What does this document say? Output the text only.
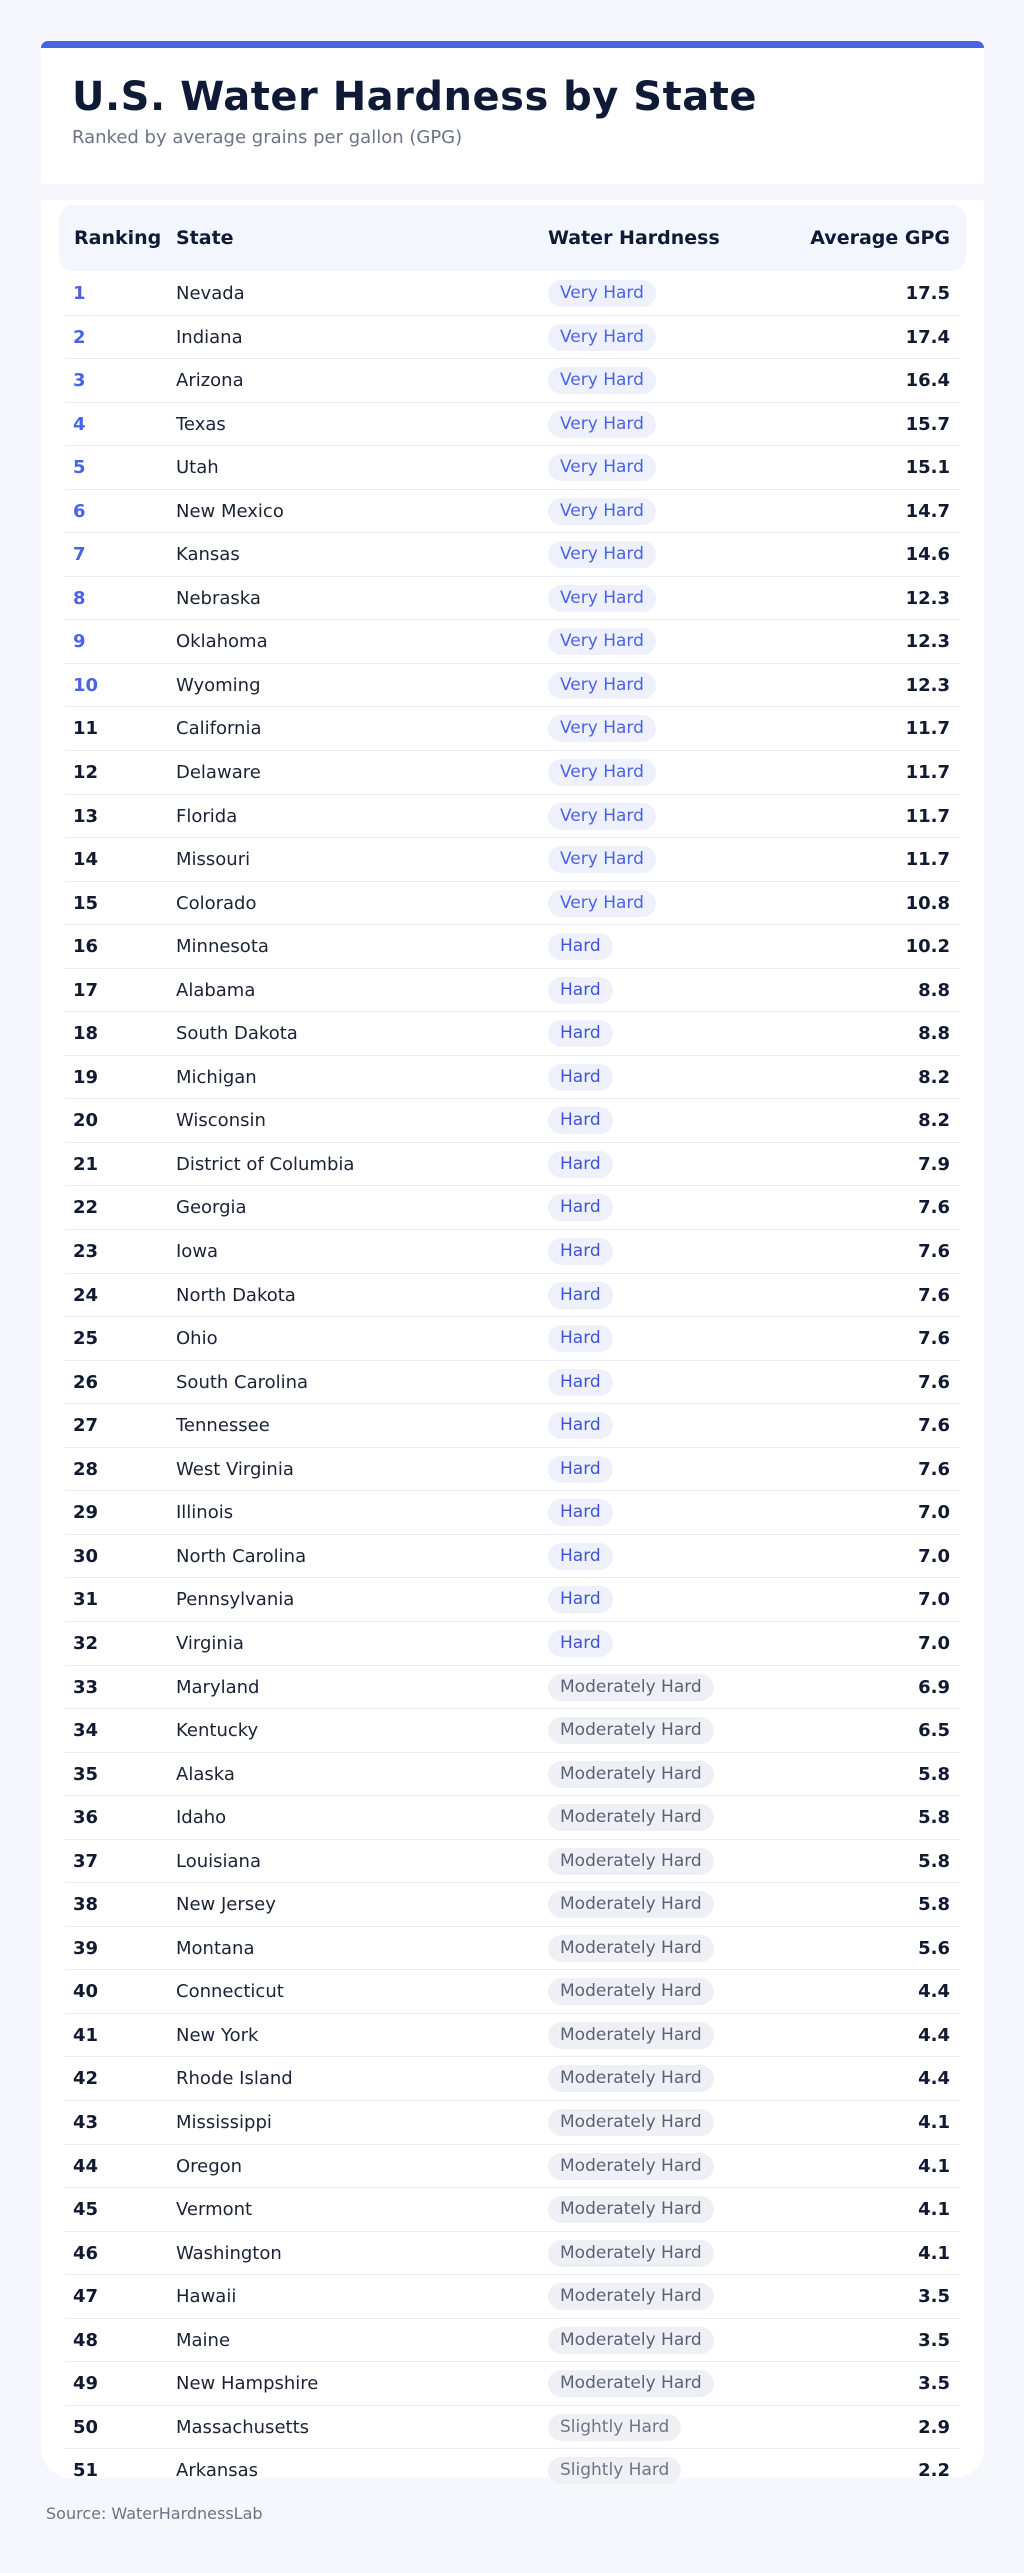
U.S. Water Hardness by State
Ranked by average grains per gallon (GPG)
Ranking State	Water Hardness	Average GPG
1	Nevada	Very Hard	17.5
2	Indiana	Very Hard	17.4
3	Arizona	Very Hard	16.4
4	Texas	Very Hard	15.7
5	Utah	Very Hard	15.1
6	New Mexico	Very Hard	14.7
7	Kansas	Very Hard	14.6
8	Nebraska	Very Hard	12.3
9	Oklahoma	Very Hard	12.3
10	Wyoming	Very Hard	12.3
11	California	Very Hard	11.7
12	Delaware	Very Hard	11.7
13	Florida	Very Hard	11.7
14	Missouri	Very Hard	11.7
15	Colorado	Very Hard	10.8
16	Minnesota	Hard	10.2
17	Alabama	Hard	8.8
18	South Dakota	Hard	8.8
19	Michigan	Hard	8.2
20	Wisconsin	Hard	8.2
21	District of Columbia	Hard	7.9
22	Georgia	Hard	7.6
23	Iowa	Hard	7.6
24	North Dakota	Hard	7.6
25	Ohio	Hard	7.6
26	South Carolina	Hard	7.6
27	Tennessee	Hard	7.6
28	West Virginia	Hard	7.6
29	Illinois	Hard	7.0
30	North Carolina	Hard	7.0
31	Pennsylvania	Hard	7.0
32	Virginia	Hard	7.0
33	Maryland	Moderately Hard	6.9
34	Kentucky	Moderately Hard	6.5
35	Alaska	Moderately Hard	5.8
36	Idaho	Moderately Hard	5.8
37	Louisiana	Moderately Hard	5.8
38	New Jersey	Moderately Hard	5.8
39	Montana	Moderately Hard	5.6
40	Connecticut	Moderately Hard	4.4
41	New York	Moderately Hard	4.4
42	Rhode Island	Moderately Hard	4.4
43	Mississippi	Moderately Hard	4.1
44	Oregon	Moderately Hard	4.1
45	Vermont	Moderately Hard	4.1
46	Washington	Moderately Hard	4.1
47	Hawaii	Moderately Hard	3.5
48	Maine	Moderately Hard	3.5
49	New Hampshire	Moderately Hard	3.5
50	Massachusetts	Slightly Hard	2.9
51	Arkansas	Slightly Hard	2.2
Source: WaterHardnessLab
